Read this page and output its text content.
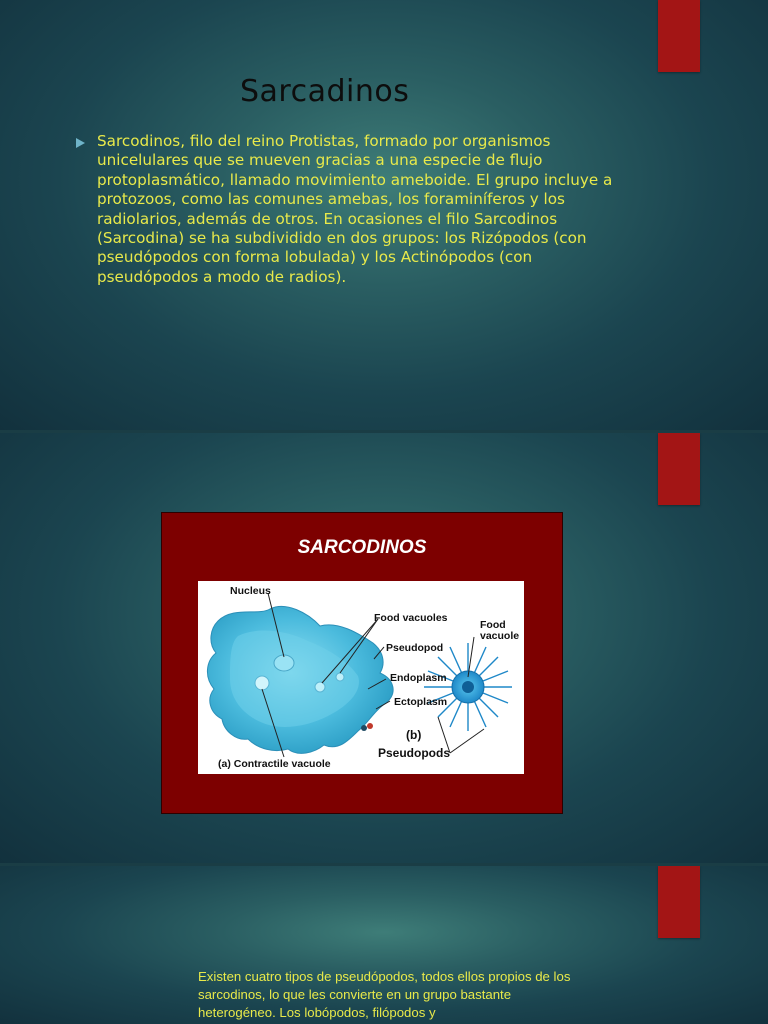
Sarcadinos
Sarcodinos, filo del reino Protistas, formado por organismos unicelulares que se mueven gracias a una especie de flujo protoplasmático, llamado movimiento ameboide. El grupo incluye a protozoos, como las comunes amebas, los foraminíferos y los radiolarios, además de otros. En ocasiones el filo Sarcodinos (Sarcodina) se ha subdividido en dos grupos: los Rizópodos (con pseudópodos con forma lobulada) y los Actinópodos (con pseudópodos a modo de radios).
SARCODINOS
Nucleus
Food vacuoles
Pseudopod
Endoplasm
Ectoplasm
(a) Contractile vacuole
Food
vacuole
(b)
Pseudopods
Existen cuatro tipos de pseudópodos, todos ellos propios de los sarcodinos, lo que les convierte en un grupo bastante heterogéneo. Los lobópodos, filópodos y
